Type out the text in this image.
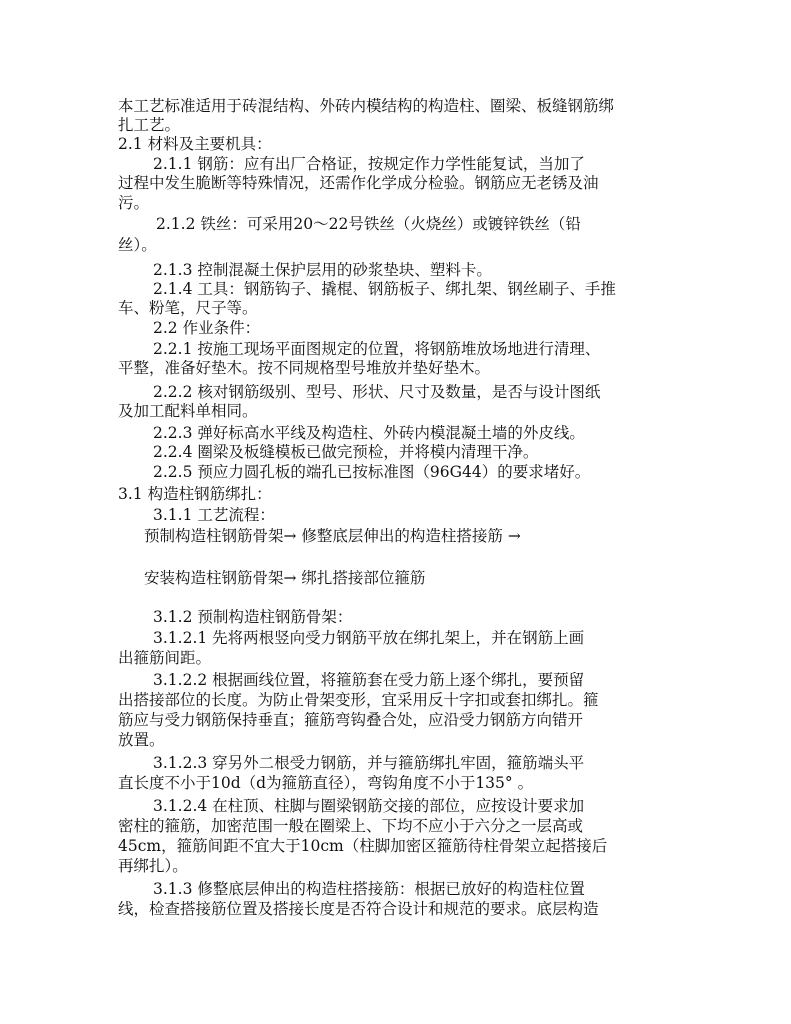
本工艺标准适用于砖混结构、外砖内模结构的构造柱、圈梁、板缝钢筋绑
扎工艺。
2.1 材料及主要机具：
2.1.1 钢筋：应有出厂合格证，按规定作力学性能复试，当加了
过程中发生脆断等特殊情况，还需作化学成分检验。钢筋应无老锈及油
污。
2.1.2 铁丝：可采用20～22号铁丝（火烧丝）或镀锌铁丝（铅
丝）。
2.1.3 控制混凝土保护层用的砂浆垫块、塑料卡。
2.1.4 工具：钢筋钩子、撬棍、钢筋板子、绑扎架、钢丝刷子、手推
车、粉笔，尺子等。
2.2 作业条件：
2.2.1 按施工现场平面图规定的位置，将钢筋堆放场地进行清理、
平整，准备好垫木。按不同规格型号堆放并垫好垫木。
2.2.2 核对钢筋级别、型号、形状、尺寸及数量，是否与设计图纸
及加工配料单相同。
2.2.3 弹好标高水平线及构造柱、外砖内模混凝土墙的外皮线。
2.2.4 圈梁及板缝模板已做完预检，并将模内清理干净。
2.2.5 预应力圆孔板的端孔已按标准图（96G44）的要求堵好。
3.1 构造柱钢筋绑扎：
3.1.1 工艺流程：
预制构造柱钢筋骨架→ 修整底层伸出的构造柱搭接筋 →
安装构造柱钢筋骨架→ 绑扎搭接部位箍筋
3.1.2 预制构造柱钢筋骨架：
3.1.2.1 先将两根竖向受力钢筋平放在绑扎架上，并在钢筋上画
出箍筋间距。
3.1.2.2 根据画线位置，将箍筋套在受力筋上逐个绑扎，要预留
出搭接部位的长度。为防止骨架变形，宜采用反十字扣或套扣绑扎。箍
筋应与受力钢筋保持垂直；箍筋弯钩叠合处，应沿受力钢筋方向错开
放置。
3.1.2.3 穿另外二根受力钢筋，并与箍筋绑扎牢固，箍筋端头平
直长度不小于10d（d为箍筋直径），弯钩角度不小于135° 。
3.1.2.4 在柱顶、柱脚与圈梁钢筋交接的部位，应按设计要求加
密柱的箍筋，加密范围一般在圈梁上、下均不应小于六分之一层高或
45cm，箍筋间距不宜大于10cm（柱脚加密区箍筋待柱骨架立起搭接后
再绑扎）。
3.1.3 修整底层伸出的构造柱搭接筋：根据已放好的构造柱位置
线，检查搭接筋位置及搭接长度是否符合设计和规范的要求。底层构造
